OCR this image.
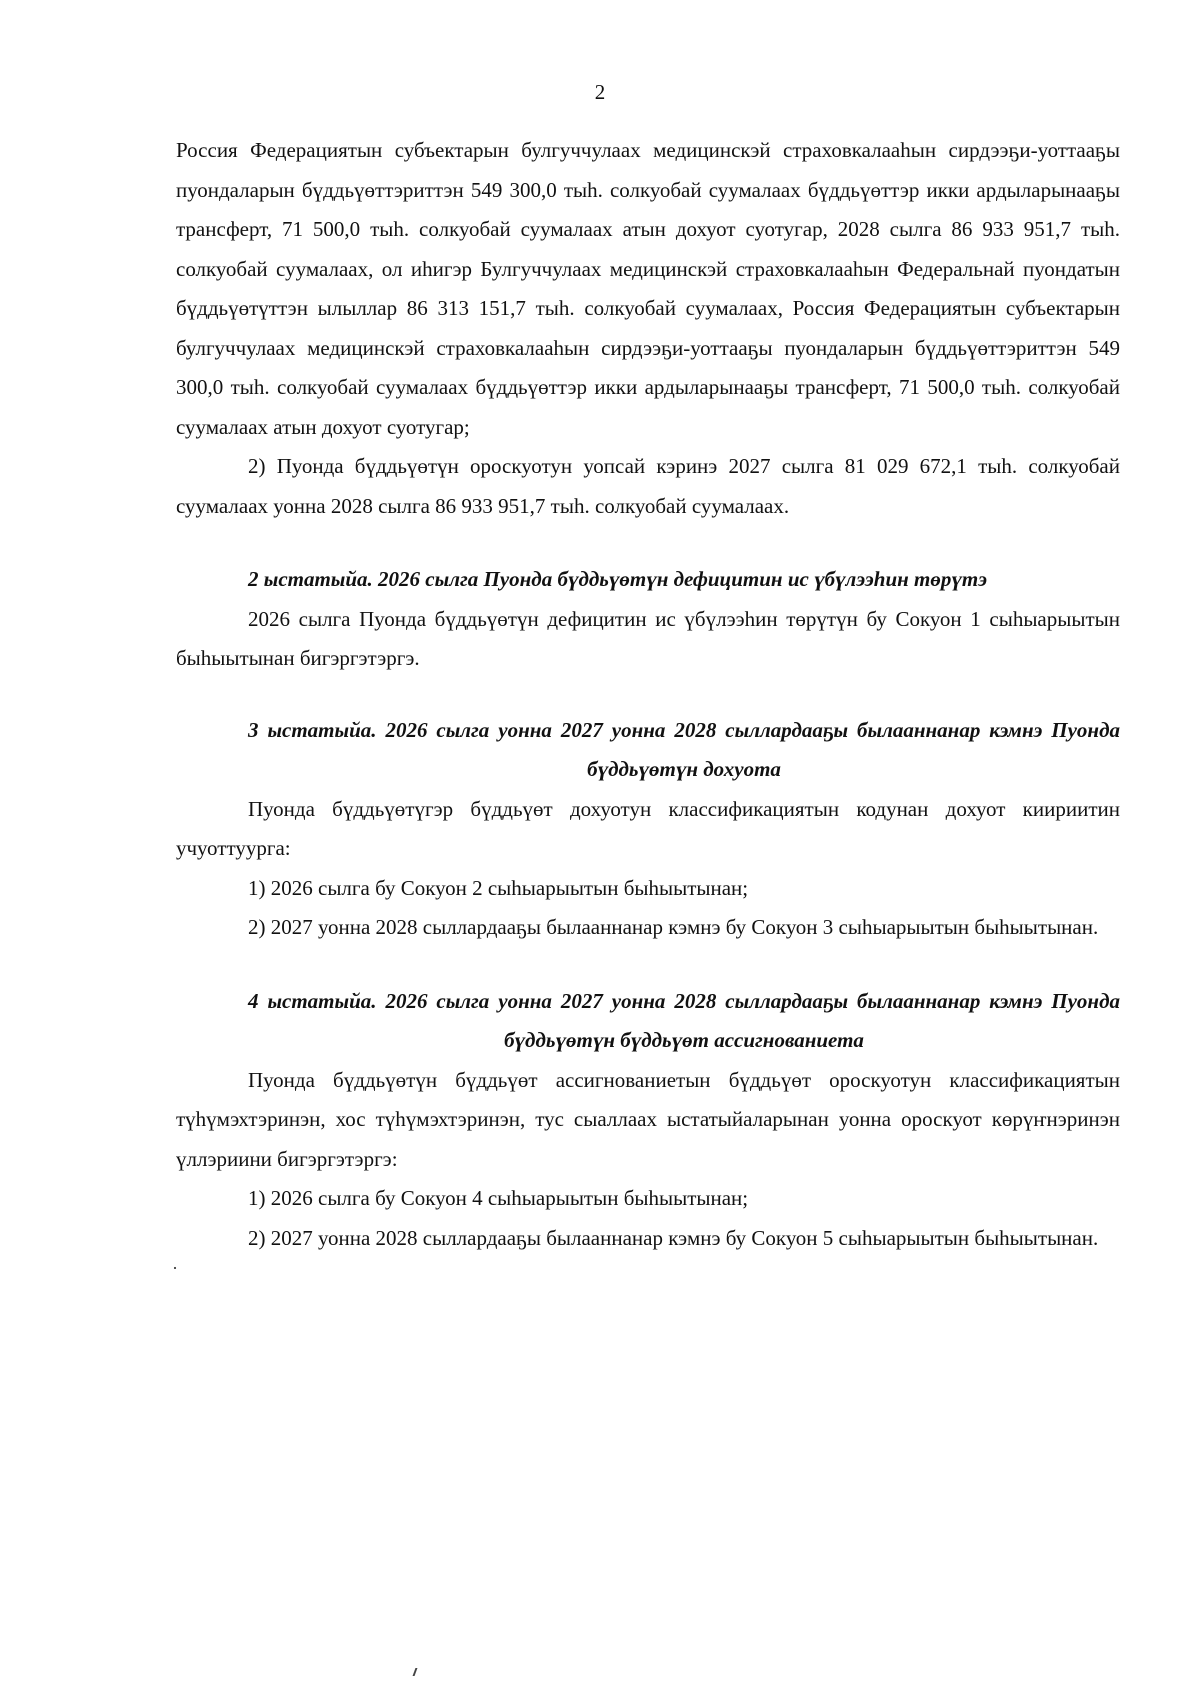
2

Россия Федерациятын субъектарын булгуччулаах медицинскэй страховкалааһын сирдээҕи-уоттааҕы пуондаларын бүддьүөттэриттэн 549 300,0 тыһ. солкуобай суумалаах бүддьүөттэр икки ардыларынааҕы трансферт, 71 500,0 тыһ. солкуобай суумалаах атын дохуот суотугар, 2028 сылга 86 933 951,7 тыһ. солкуобай суумалаах, ол иһигэр Булгуччулаах медицинскэй страховкалааһын Федеральнай пуондатын бүддьүөтүттэн ылыллар 86 313 151,7 тыһ. солкуобай суумалаах, Россия Федерациятын субъектарын булгуччулаах медицинскэй страховкалааһын сирдээҕи-уоттааҕы пуондаларын бүддьүөттэриттэн 549 300,0 тыһ. солкуобай суумалаах бүддьүөттэр икки ардыларынааҕы трансферт, 71 500,0 тыһ. солкуобай суумалаах атын дохуот суотугар;

2) Пуонда бүддьүөтүн ороскуотун уопсай кэринэ 2027 сылга 81 029 672,1 тыһ. солкуобай суумалаах уонна 2028 сылга 86 933 951,7 тыһ. солкуобай суумалаах.

2 ыстатыйа. 2026 сылга Пуонда бүддьүөтүн дефицитин ис үбүлээһин төрүтэ

2026 сылга Пуонда бүддьүөтүн дефицитин ис үбүлээһин төрүтүн бу Сокуон 1 сыһыарыытын быһыытынан бигэргэтэргэ.

3 ыстатыйа. 2026 сылга уонна 2027 уонна 2028 сыллардааҕы былааннанар кэмнэ Пуонда бүддьүөтүн дохуота

Пуонда бүддьүөтүгэр бүддьүөт дохуотун классификациятын кодунан дохуот киириитин учуоттуурга:

1) 2026 сылга бу Сокуон 2 сыһыарыытын быһыытынан;

2) 2027 уонна 2028 сыллардааҕы былааннанар кэмнэ бу Сокуон 3 сыһыарыытын быһыытынан.

4 ыстатыйа. 2026 сылга уонна 2027 уонна 2028 сыллардааҕы былааннанар кэмнэ Пуонда бүддьүөтүн бүддьүөт ассигнованиета

Пуонда бүддьүөтүн бүддьүөт ассигнованиетын бүддьүөт ороскуотун классификациятын түһүмэхтэринэн, хос түһүмэхтэринэн, тус сыаллаах ыстатыйаларынан уонна ороскуот көрүҥнэринэн үллэриини бигэргэтэргэ:

1) 2026 сылга бу Сокуон 4 сыһыарыытын быһыытынан;

2) 2027 уонна 2028 сыллардааҕы былааннанар кэмнэ бу Сокуон 5 сыһыарыытын быһыытынан.

·
